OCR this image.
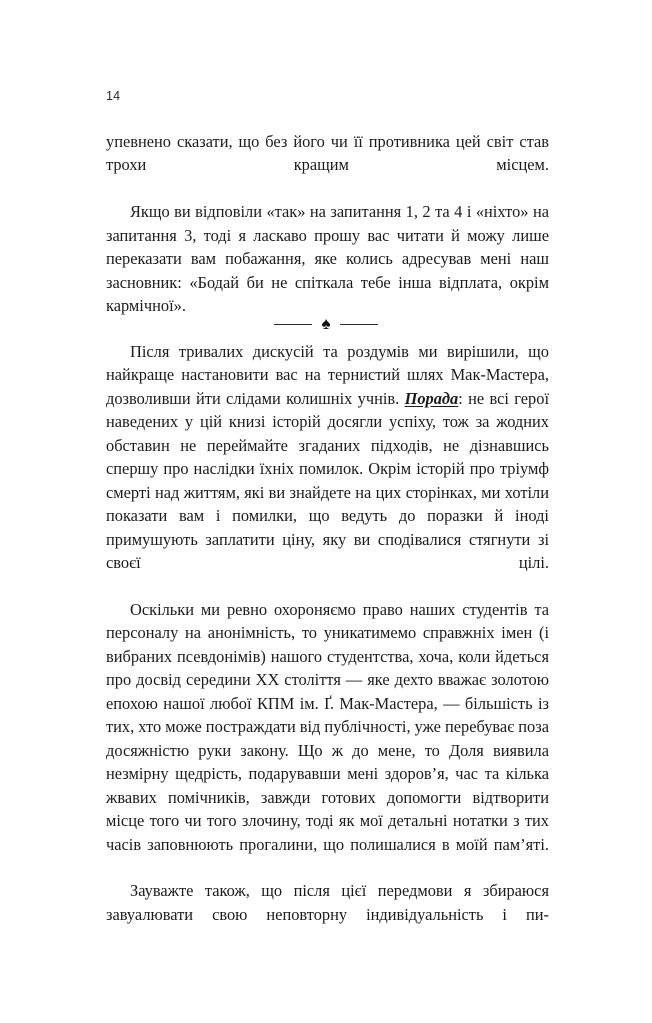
14

упевнено сказати, що без його чи її противника цей світ став трохи кращим місцем.

Якщо ви відповіли «так» на запитання 1, 2 та 4 і «ніхто» на запитання 3, тоді я ласкаво прошу вас читати й можу лише переказати вам побажання, яке колись адресував мені наш засновник: «Бодай би не спіткала тебе інша відплата, окрім кармічної».

♠

Після тривалих дискусій та роздумів ми вирішили, що найкраще настановити вас на тернистий шлях Мак-Мастера, дозволивши йти слідами колишніх учнів. Порада: не всі герої наведених у цій книзі історій досягли успіху, тож за жодних обставин не переймайте згаданих підходів, не дізнавшись спершу про наслідки їхніх помилок. Окрім історій про тріумф смерті над життям, які ви знайдете на цих сторінках, ми хотіли показати вам і помилки, що ведуть до поразки й іноді примушують заплатити ціну, яку ви сподівалися стягнути зі своєї цілі.

Оскільки ми ревно охороняємо право наших студентів та персоналу на анонімність, то уникатимемо справжніх імен (і вибраних псевдонімів) нашого студентства, хоча, коли йдеться про досвід середини XX століття — яке дехто вважає золотою епохою нашої любої КПМ ім. Ґ. Мак-Мастера, — більшість із тих, хто може постраждати від публічності, уже перебуває поза досяжністю руки закону. Що ж до мене, то Доля виявила незмірну щедрість, подарувавши мені здоров’я, час та кілька жвавих помічників, завжди готових допомогти відтворити місце того чи того злочину, тоді як мої детальні нотатки з тих часів заповнюють прогалини, що полишалися в моїй пам’яті.

Зауважте також, що після цієї передмови я збираюся завуалювати свою неповторну індивідуальність і пи-
